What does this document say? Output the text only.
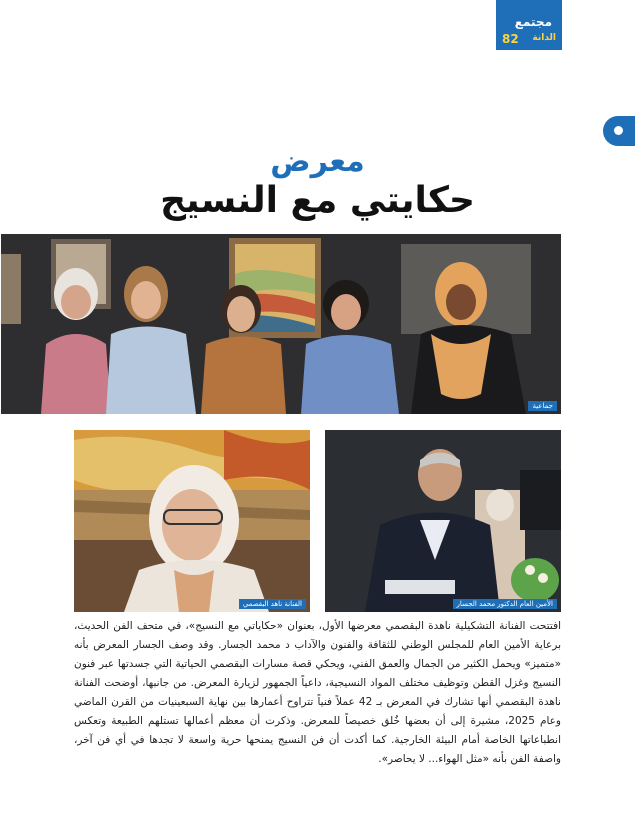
مجتمع
الدانة
82
معرض
حكايتي مع النسيج
جماعية
الفنانة ناهد البقصمي	الأمين العام الدكتور محمد الجسار

افتتحت الفنانة التشكيلية ناهدة البقصمي معرضها الأول، بعنوان «حكاياتي مع النسيج»، في متحف الفن الحديث، برعاية الأمين العام للمجلس الوطني للثقافة والفنون والآداب د محمد الجسار. وقد وصف الجسار المعرض بأنه «متميز» ويحمل الكثير من الجمال والعمق الفني، ويحكي قصة مسارات البقصمي الحياتية التي جسدتها عبر فنون النسيج وغزل القطن وتوظيف مختلف المواد النسيجية، داعياً الجمهور لزيارة المعرض. من جانبها، أوضحت الفنانة ناهدة البقصمي أنها تشارك في المعرض بـ 42 عملاً فنياً تتراوح أعمارها بين نهاية السبعينيات من القرن الماضي وعام 2025، مشيرة إلى أن بعضها خُلق خصيصاً للمعرض. وذكرت أن معظم أعمالها تستلهم الطبيعة وتعكس انطباعاتها الخاصة أمام البيئة الخارجية. كما أكدت أن فن النسيج يمنحها حرية واسعة لا تجدها في أي فن آخر، واصفة الفن بأنه «مثل الهواء... لا يحاصر».
